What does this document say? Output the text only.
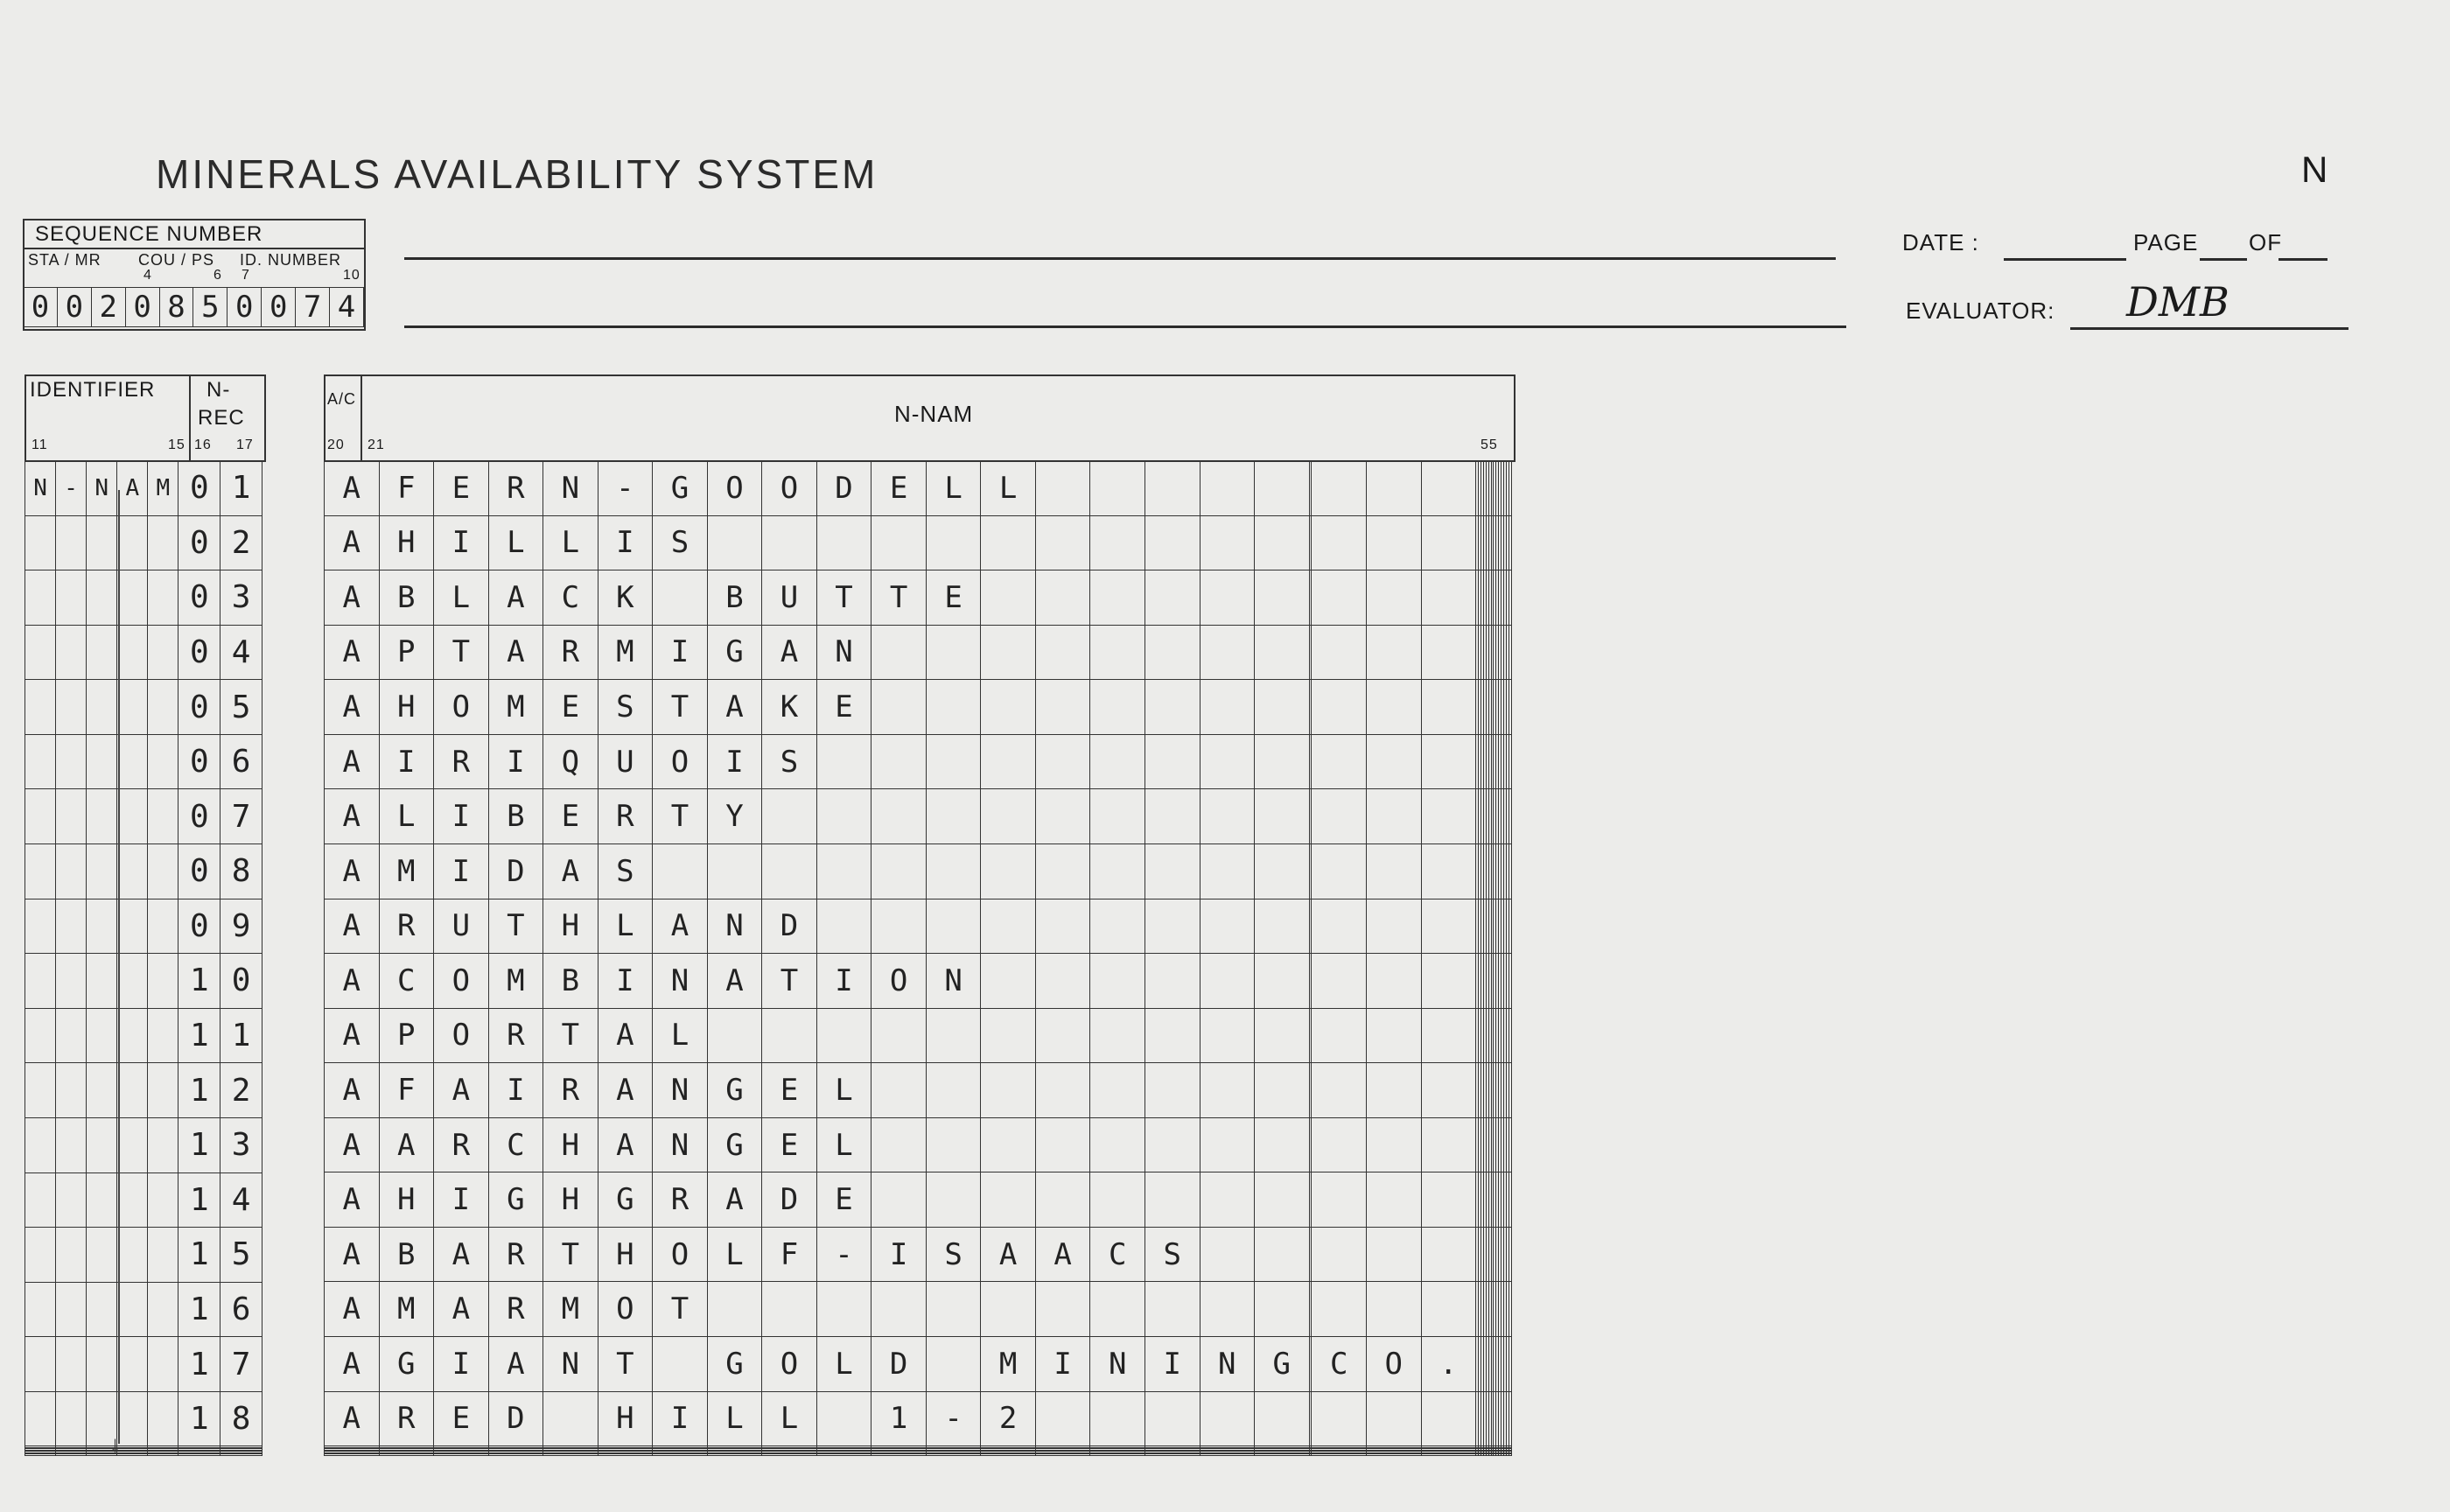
MINERALS AVAILABILITY SYSTEM	N
DATE :	PAGE OF
EVALUATOR: DMB
SEQUENCE NUMBER
STA / MR COU / PS ID. NUMBER
4	6 7	10
0	0	2	0	8	5	0	0	7	4
IDENTIFIER
11	15
N-
REC
16 17
A/C
N-NAM
20 21	55
N	-	N	A	M	0	1
					0	2
					0	3
					0	4
					0	5
					0	6
					0	7
					0	8
					0	9
					1	0
					1	1
					1	2
					1	3
					1	4
					1	5
					1	6
					1	7
					1	8

A	F	E	R	N	-	G	O	O	D	E	L	L																							
A	H	I	L	L	I	S																													
A	B	L	A	C	K		B	U	T	T	E																								
A	P	T	A	R	M	I	G	A	N																										
A	H	O	M	E	S	T	A	K	E																										
A	I	R	I	Q	U	O	I	S																											
A	L	I	B	E	R	T	Y																												
A	M	I	D	A	S																														
A	R	U	T	H	L	A	N	D																											
A	C	O	M	B	I	N	A	T	I	O	N																								
A	P	O	R	T	A	L																													
A	F	A	I	R	A	N	G	E	L																										
A	A	R	C	H	A	N	G	E	L																										
A	H	I	G	H	G	R	A	D	E																										
A	B	A	R	T	H	O	L	F	-	I	S	A	A	C	S																				
A	M	A	R	M	O	T																													
A	G	I	A	N	T		G	O	L	D		M	I	N	I	N	G		C	O	.														
A	R	E	D		H	I	L	L		1	-	2																							

↓
